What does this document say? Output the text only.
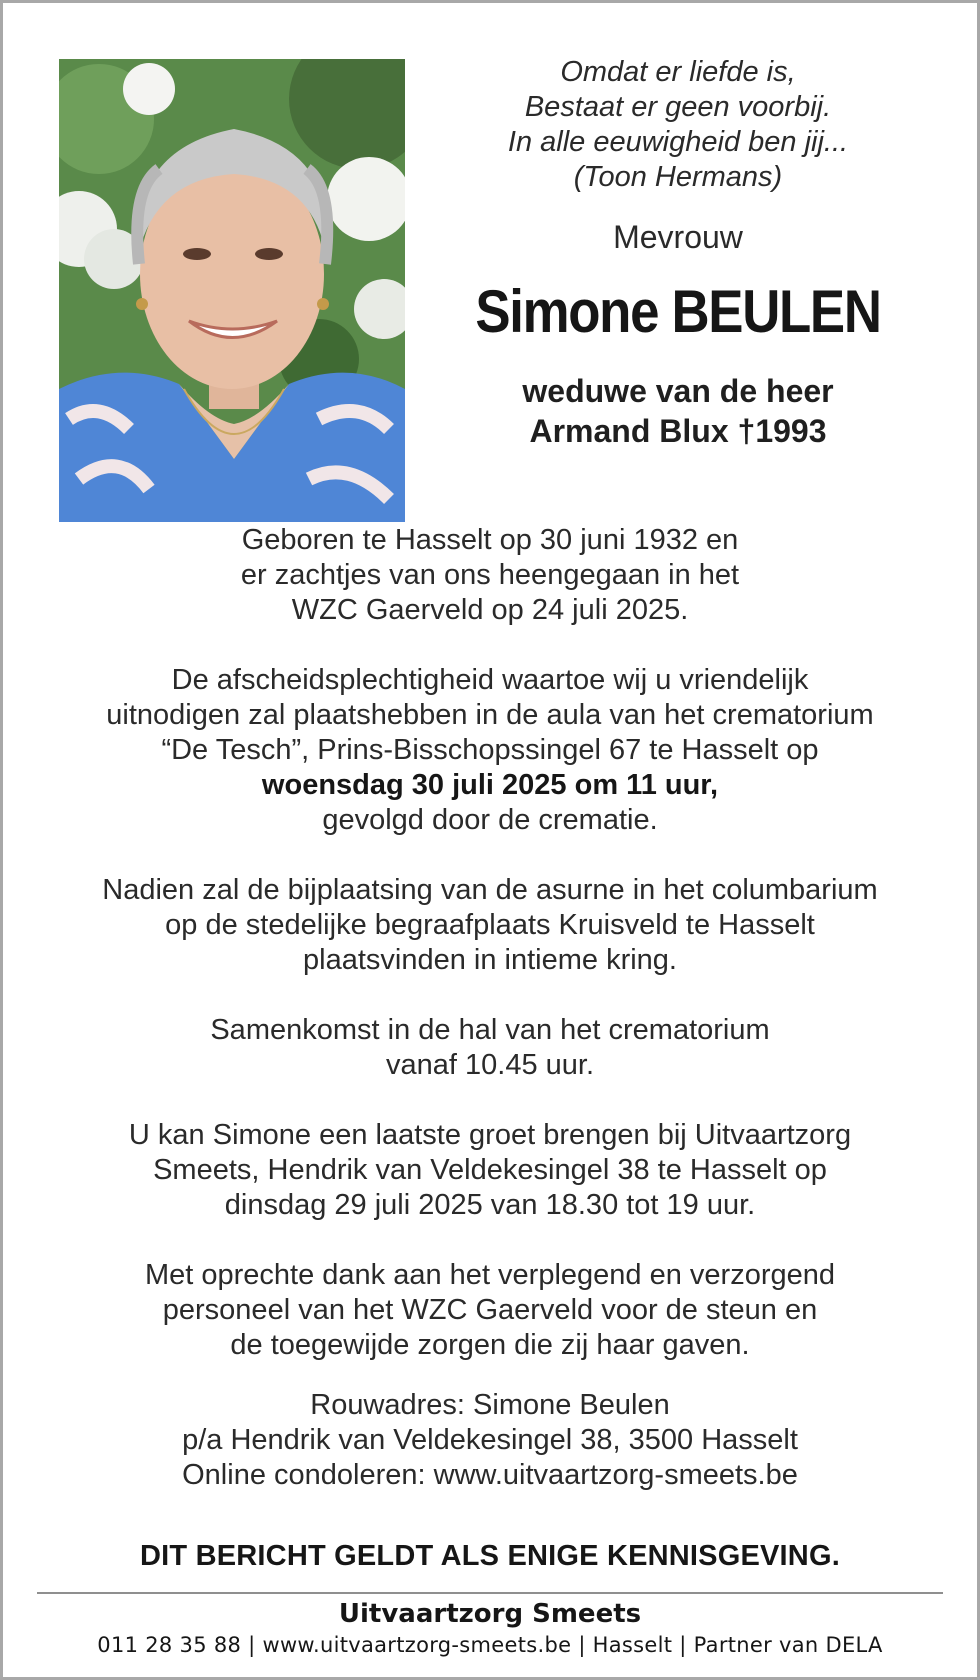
Omdat er liefde is,
Bestaat er geen voorbij.
In alle eeuwigheid ben jij...
(Toon Hermans)
Mevrouw
Simone BEULEN
weduwe van de heer
Armand Blux †1993
Geboren te Hasselt op 30 juni 1932 en
er zachtjes van ons heengegaan in het
WZC Gaerveld op 24 juli 2025.
De afscheidsplechtigheid waartoe wij u vriendelijk
uitnodigen zal plaatshebben in de aula van het crematorium
“De Tesch”, Prins-Bisschopssingel 67 te Hasselt op
woensdag 30 juli 2025 om 11 uur,
gevolgd door de crematie.
Nadien zal de bijplaatsing van de asurne in het columbarium
op de stedelijke begraafplaats Kruisveld te Hasselt
plaatsvinden in intieme kring.
Samenkomst in de hal van het crematorium
vanaf 10.45 uur.
U kan Simone een laatste groet brengen bij Uitvaartzorg
Smeets, Hendrik van Veldekesingel 38 te Hasselt op
dinsdag 29 juli 2025 van 18.30 tot 19 uur.
Met oprechte dank aan het verplegend en verzorgend
personeel van het WZC Gaerveld voor de steun en
de toegewijde zorgen die zij haar gaven.
Rouwadres: Simone Beulen
p/a Hendrik van Veldekesingel 38, 3500 Hasselt
Online condoleren: www.uitvaartzorg-smeets.be
DIT BERICHT GELDT ALS ENIGE KENNISGEVING.
Uitvaartzorg Smeets
011 28 35 88 | www.uitvaartzorg-smeets.be | Hasselt | Partner van DELA
